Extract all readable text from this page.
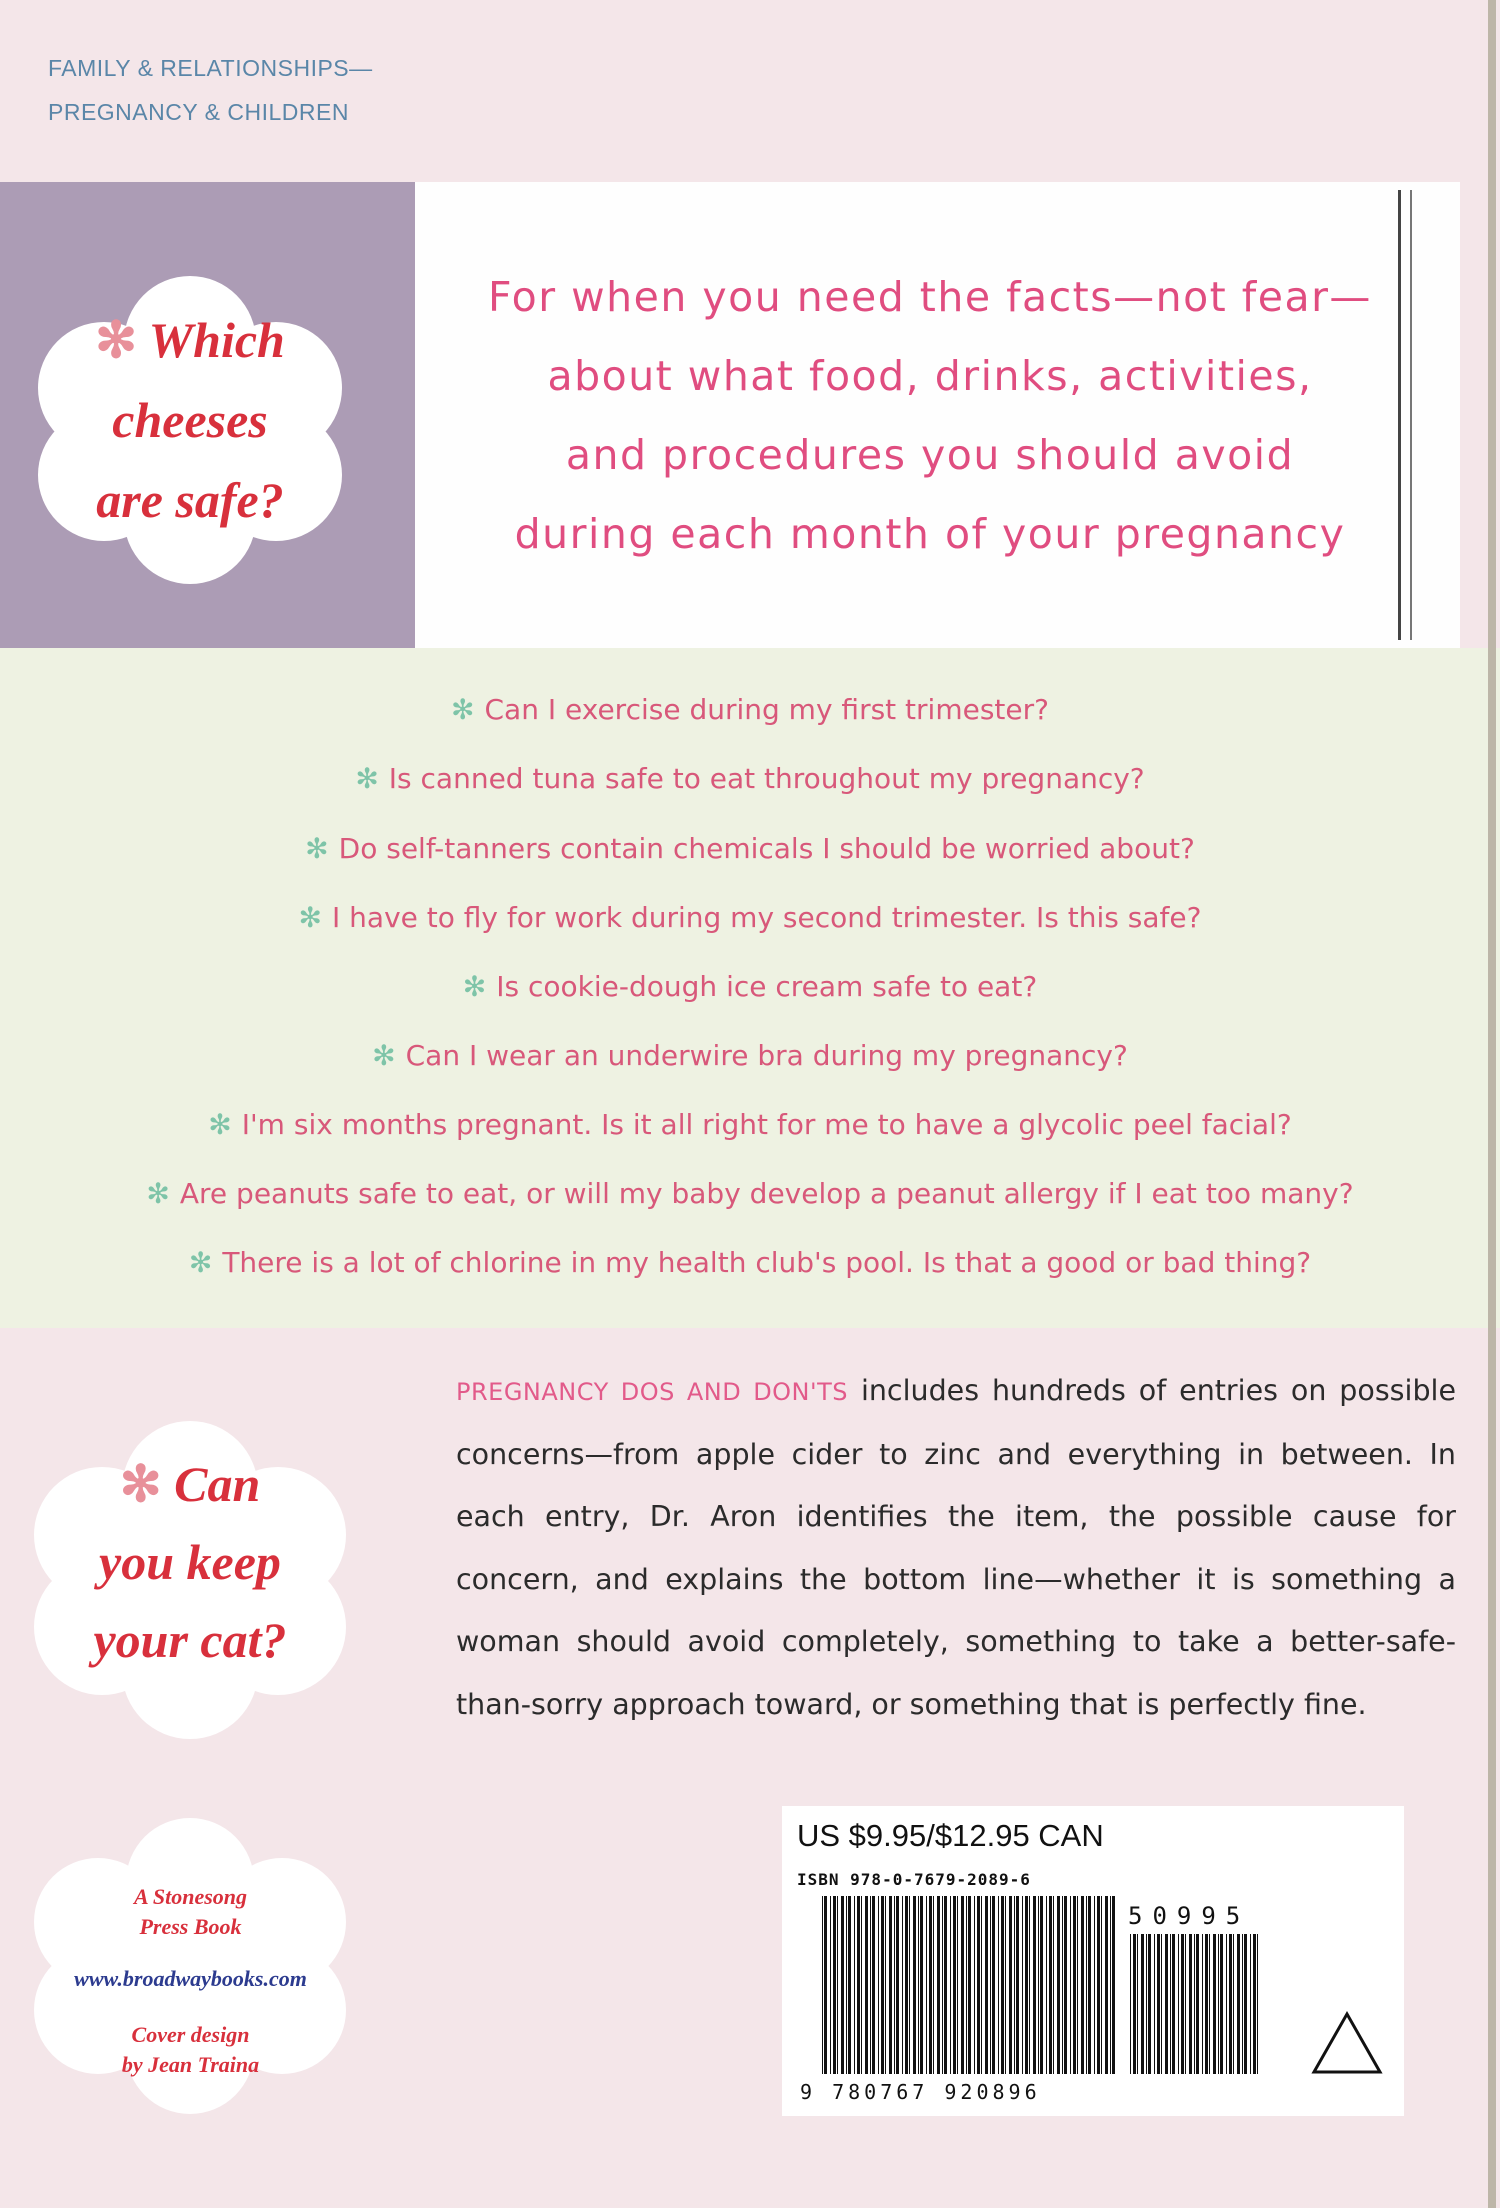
FAMILY & RELATIONSHIPS—
PREGNANCY & CHILDREN
✻ Which
cheeses
are safe?
For when you need the facts—not fear—
about what food, drinks, activities,
and procedures you should avoid
during each month of your pregnancy
✻ Can I exercise during my first trimester?
✻ Is canned tuna safe to eat throughout my pregnancy?
✻ Do self-tanners contain chemicals I should be worried about?
✻ I have to fly for work during my second trimester. Is this safe?
✻ Is cookie-dough ice cream safe to eat?
✻ Can I wear an underwire bra during my pregnancy?
✻ I'm six months pregnant. Is it all right for me to have a glycolic peel facial?
✻ Are peanuts safe to eat, or will my baby develop a peanut allergy if I eat too many?
✻ There is a lot of chlorine in my health club's pool. Is that a good or bad thing?
✻ Can
you keep
your cat?
A Stonesong
Press Book
www.broadwaybooks.com
Cover design
by Jean Traina
PREGNANCY DOS AND DON'TS includes hundreds of entries on possible concerns—from apple cider to zinc and everything in between. In each entry, Dr. Aron identifies the item, the possible cause for concern, and explains the bottom line—whether it is something a woman should avoid completely, something to take a better-safe-than-sorry approach toward, or something that is perfectly fine.
US $9.95/$12.95 CAN
ISBN 978-0-7679-2089-6
9 780767 920896
50995
